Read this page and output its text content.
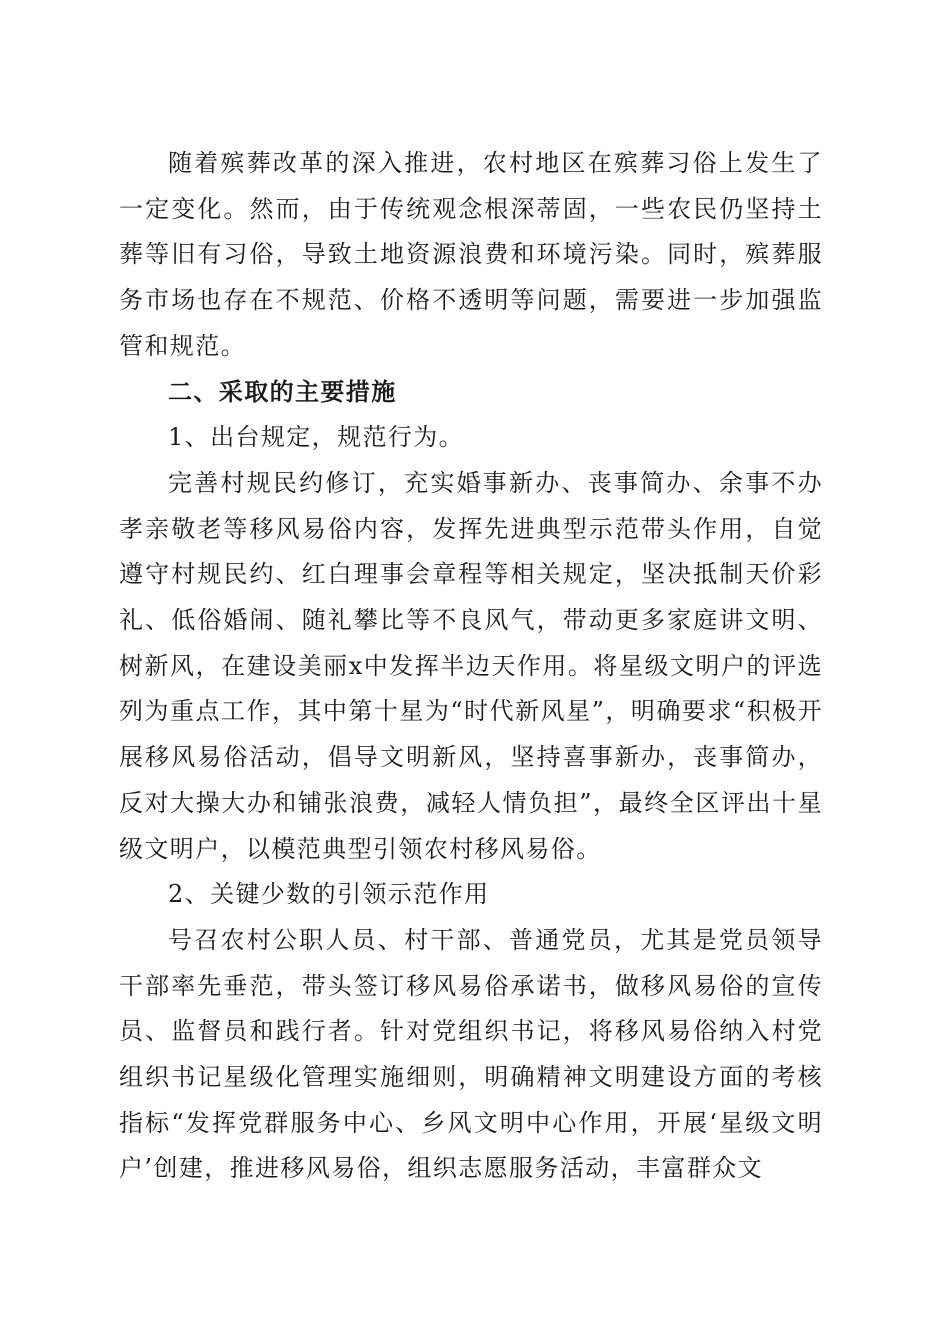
随着殡葬改革的深入推进，农村地区在殡葬习俗上发生了一定变化。然而，由于传统观念根深蒂固，一些农民仍坚持土葬等旧有习俗，导致土地资源浪费和环境污染。同时，殡葬服务市场也存在不规范、价格不透明等问题，需要进一步加强监管和规范。

二、采取的主要措施

1、出台规定，规范行为。

完善村规民约修订，充实婚事新办、丧事简办、余事不办孝亲敬老等移风易俗内容，发挥先进典型示范带头作用，自觉遵守村规民约、红白理事会章程等相关规定，坚决抵制天价彩礼、低俗婚闹、随礼攀比等不良风气，带动更多家庭讲文明、树新风，在建设美丽x中发挥半边天作用。将星级文明户的评选列为重点工作，其中第十星为“时代新风星”，明确要求“积极开展移风易俗活动，倡导文明新风，坚持喜事新办，丧事简办，反对大操大办和铺张浪费，减轻人情负担”，最终全区评出十星级文明户，以模范典型引领农村移风易俗。

2、关键少数的引领示范作用

号召农村公职人员、村干部、普通党员，尤其是党员领导干部率先垂范，带头签订移风易俗承诺书，做移风易俗的宣传员、监督员和践行者。针对党组织书记，将移风易俗纳入村党组织书记星级化管理实施细则，明确精神文明建设方面的考核指标“发挥党群服务中心、乡风文明中心作用，开展‘星级文明户’创建，推进移风易俗，组织志愿服务活动，丰富群众文
